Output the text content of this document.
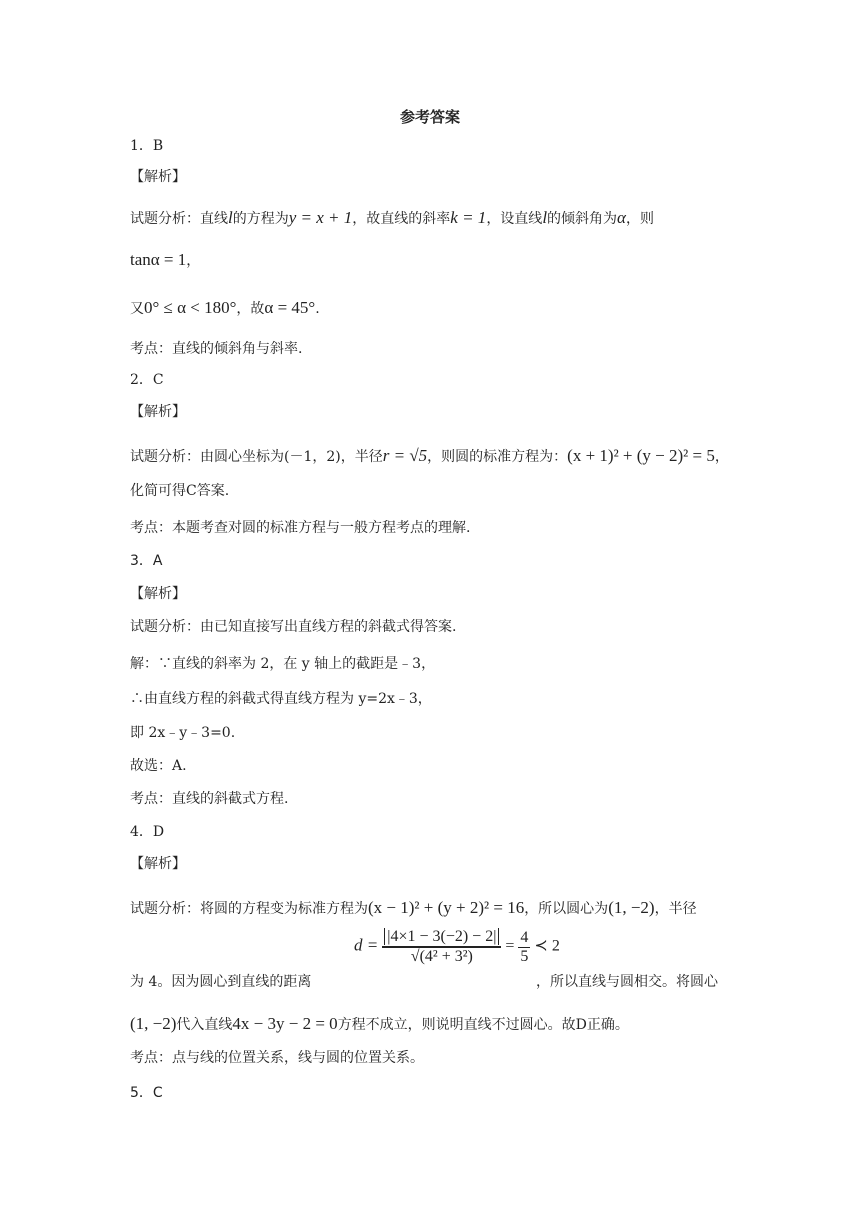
参考答案
1．B
【解析】
试题分析：直线l的方程为y = x + 1，故直线的斜率k = 1，设直线l的倾斜角为α，则
tanα = 1，
又0° ≤ α < 180°，故α = 45°.
考点：直线的倾斜角与斜率.
2．C
【解析】
试题分析：由圆心坐标为(－1，2)，半径r = √5，则圆的标准方程为：(x + 1)² + (y − 2)² = 5，
化简可得C答案.
考点：本题考查对圆的标准方程与一般方程考点的理解.
3．A
【解析】
试题分析：由已知直接写出直线方程的斜截式得答案.
解：∵直线的斜率为 2，在 y 轴上的截距是﹣3，
∴由直线方程的斜截式得直线方程为 y=2x﹣3，
即 2x﹣y﹣3=0.
故选：A.
考点：直线的斜截式方程.
4．D
【解析】
试题分析：将圆的方程变为标准方程为(x − 1)² + (y + 2)² = 16，所以圆心为(1, −2)，半径
$d = \frac{|4\times 1 - 3(-2) - 2|}{\text{√(4² + 3²)}} = \frac{4}{5}$ ≺ 2
为 4。因为圆心到直线的距离	，所以直线与圆相交。将圆心
(1, −2)代入直线4x − 3y − 2 = 0方程不成立，则说明直线不过圆心。故D正确。
考点：点与线的位置关系，线与圆的位置关系。
5．C
